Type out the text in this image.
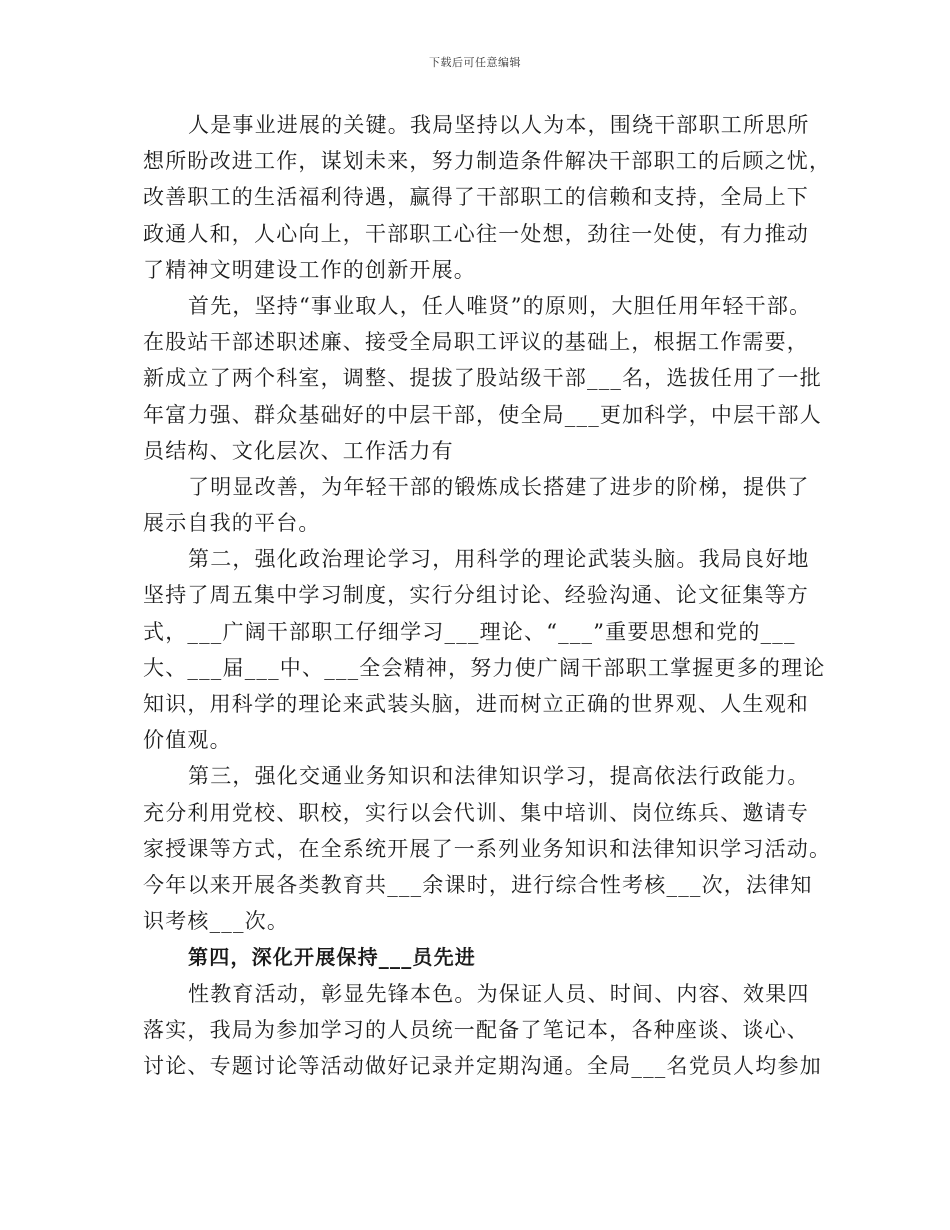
下载后可任意编辑
人是事业进展的关键。我局坚持以人为本，围绕干部职工所思所
想所盼改进工作，谋划未来，努力制造条件解决干部职工的后顾之忧，
改善职工的生活福利待遇，赢得了干部职工的信赖和支持，全局上下
政通人和，人心向上，干部职工心往一处想，劲往一处使，有力推动
了精神文明建设工作的创新开展。
首先，坚持“事业取人，任人唯贤”的原则，大胆任用年轻干部。
在股站干部述职述廉、接受全局职工评议的基础上，根据工作需要，
新成立了两个科室，调整、提拔了股站级干部___名，选拔任用了一批
年富力强、群众基础好的中层干部，使全局___更加科学，中层干部人
员结构、文化层次、工作活力有
了明显改善，为年轻干部的锻炼成长搭建了进步的阶梯，提供了
展示自我的平台。
第二，强化政治理论学习，用科学的理论武装头脑。我局良好地
坚持了周五集中学习制度，实行分组讨论、经验沟通、论文征集等方
式，___广阔干部职工仔细学习___理论、“___”重要思想和党的___
大、___届___中、___全会精神，努力使广阔干部职工掌握更多的理论
知识，用科学的理论来武装头脑，进而树立正确的世界观、人生观和
价值观。
第三，强化交通业务知识和法律知识学习，提高依法行政能力。
充分利用党校、职校，实行以会代训、集中培训、岗位练兵、邀请专
家授课等方式，在全系统开展了一系列业务知识和法律知识学习活动。
今年以来开展各类教育共___余课时，进行综合性考核___次，法律知
识考核___次。
第四，深化开展保持___员先进
性教育活动，彰显先锋本色。为保证人员、时间、内容、效果四
落实，我局为参加学习的人员统一配备了笔记本，各种座谈、谈心、
讨论、专题讨论等活动做好记录并定期沟通。全局___名党员人均参加
